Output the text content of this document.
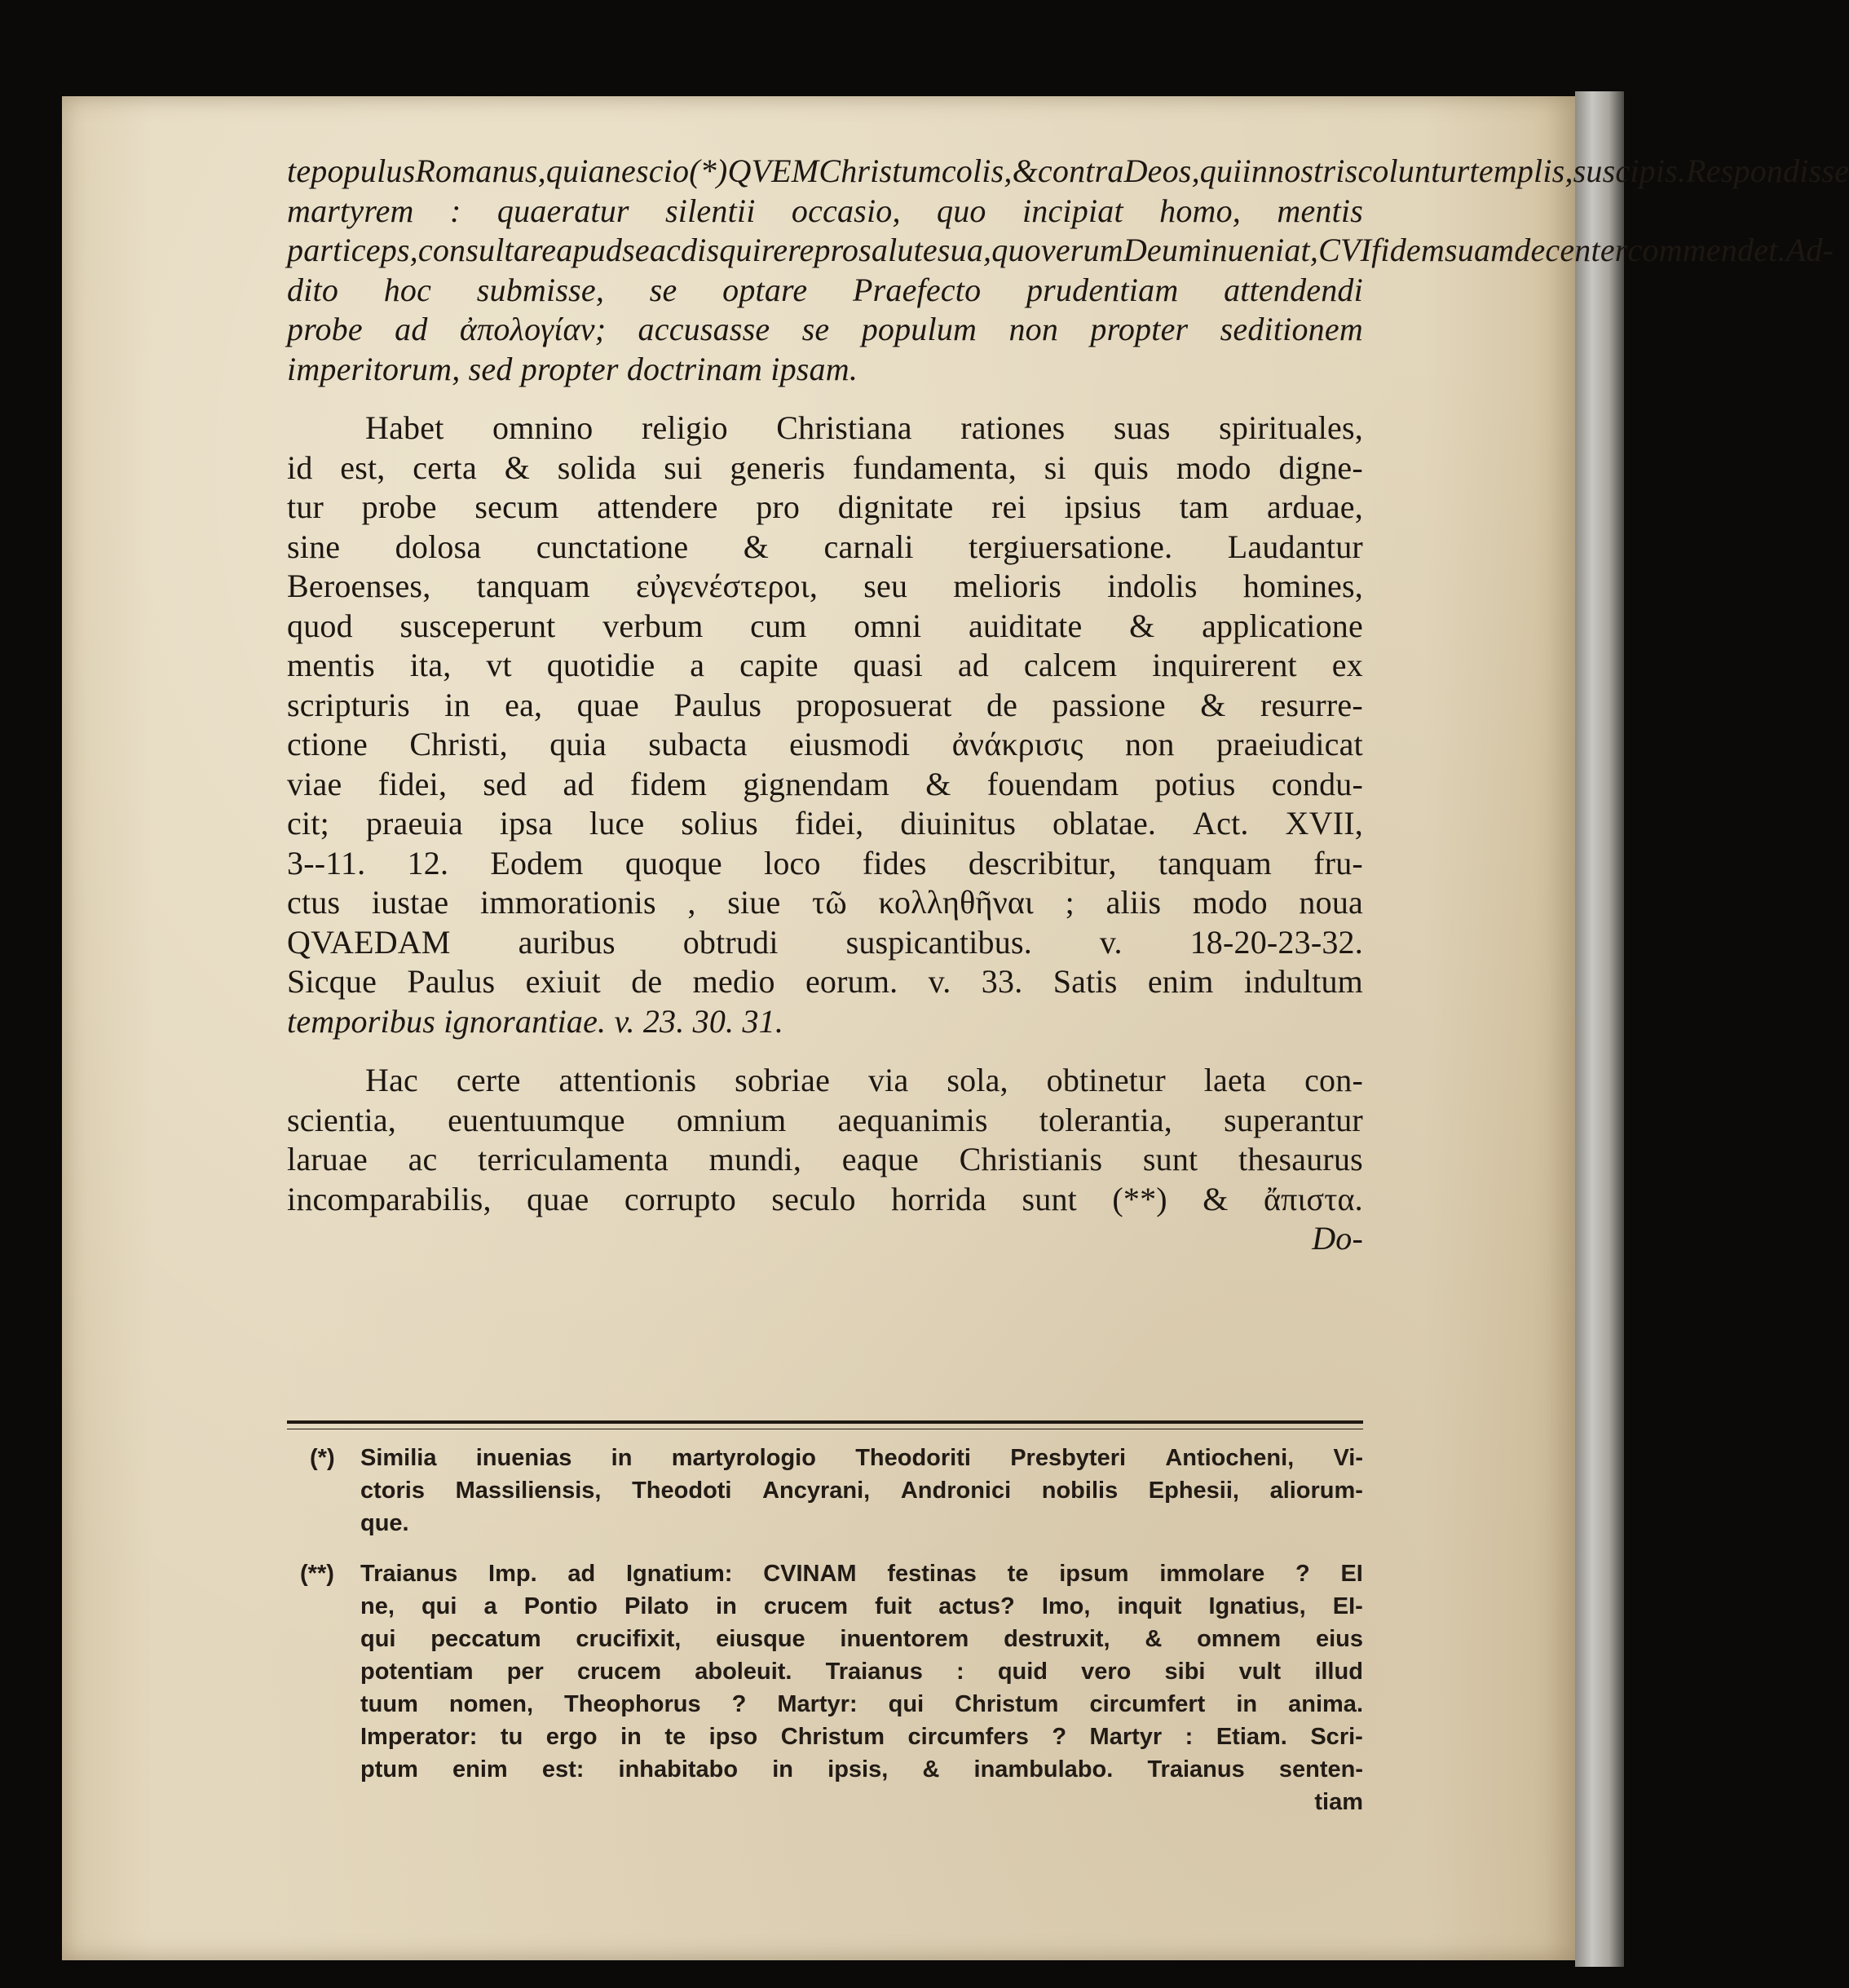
te populus Romanus, quia nescio (*) QVEM Christum colis, & contra Deos, qui in nostris coluntur templis, suscipis. Respondisse
martyrem : quaeratur silentii occasio, quo incipiat homo, mentis
particeps, consultare apud se ac disquirere pro salute sua, quo verum Deum inueniat, CVI fidem suam decenter commendet. Ad-
dito hoc submisse, se optare Praefecto prudentiam attendendi
probe ad ἀπολογίαν; accusasse se populum non propter seditionem
imperitorum, sed propter doctrinam ipsam.
Habet omnino religio Christiana rationes suas spirituales,
id est, certa & solida sui generis fundamenta, si quis modo digne-
tur probe secum attendere pro dignitate rei ipsius tam arduae,
sine dolosa cunctatione & carnali tergiuersatione. Laudantur
Beroenses, tanquam εὐγενέστεροι, seu melioris indolis homines,
quod susceperunt verbum cum omni auiditate & applicatione
mentis ita, vt quotidie a capite quasi ad calcem inquirerent ex
scripturis in ea, quae Paulus proposuerat de passione & resurre-
ctione Christi, quia subacta eiusmodi ἀνάκρισις non praeiudicat
viae fidei, sed ad fidem gignendam & fouendam potius condu-
cit; praeuia ipsa luce solius fidei, diuinitus oblatae. Act. XVII,
3--11. 12. Eodem quoque loco fides describitur, tanquam fru-
ctus iustae immorationis , siue τῶ κολληθῆναι ; aliis modo noua
QVAEDAM auribus obtrudi suspicantibus. v. 18-20-23-32.
Sicque Paulus exiuit de medio eorum. v. 33. Satis enim indultum
temporibus ignorantiae. v. 23. 30. 31.
Hac certe attentionis sobriae via sola, obtinetur laeta con-
scientia, euentuumque omnium aequanimis tolerantia, superantur
laruae ac terriculamenta mundi, eaque Christianis sunt thesaurus
incomparabilis, quae corrupto seculo horrida sunt (**) & ἄπιστα.
Do-
(*) Similia inuenias in martyrologio Theodoriti Presbyteri Antiocheni, Vi-
ctoris Massiliensis, Theodoti Ancyrani, Andronici nobilis Ephesii, aliorum-
que.
(**) Traianus Imp. ad Ignatium: CVINAM festinas te ipsum immolare ? EI
ne, qui a Pontio Pilato in crucem fuit actus? Imo, inquit Ignatius, EI-
qui peccatum crucifixit, eiusque inuentorem destruxit, & omnem eius
potentiam per crucem aboleuit. Traianus : quid vero sibi vult illud
tuum nomen, Theophorus ? Martyr: qui Christum circumfert in anima.
Imperator: tu ergo in te ipso Christum circumfers ? Martyr : Etiam. Scri-
ptum enim est: inhabitabo in ipsis, & inambulabo. Traianus senten-
tiam
